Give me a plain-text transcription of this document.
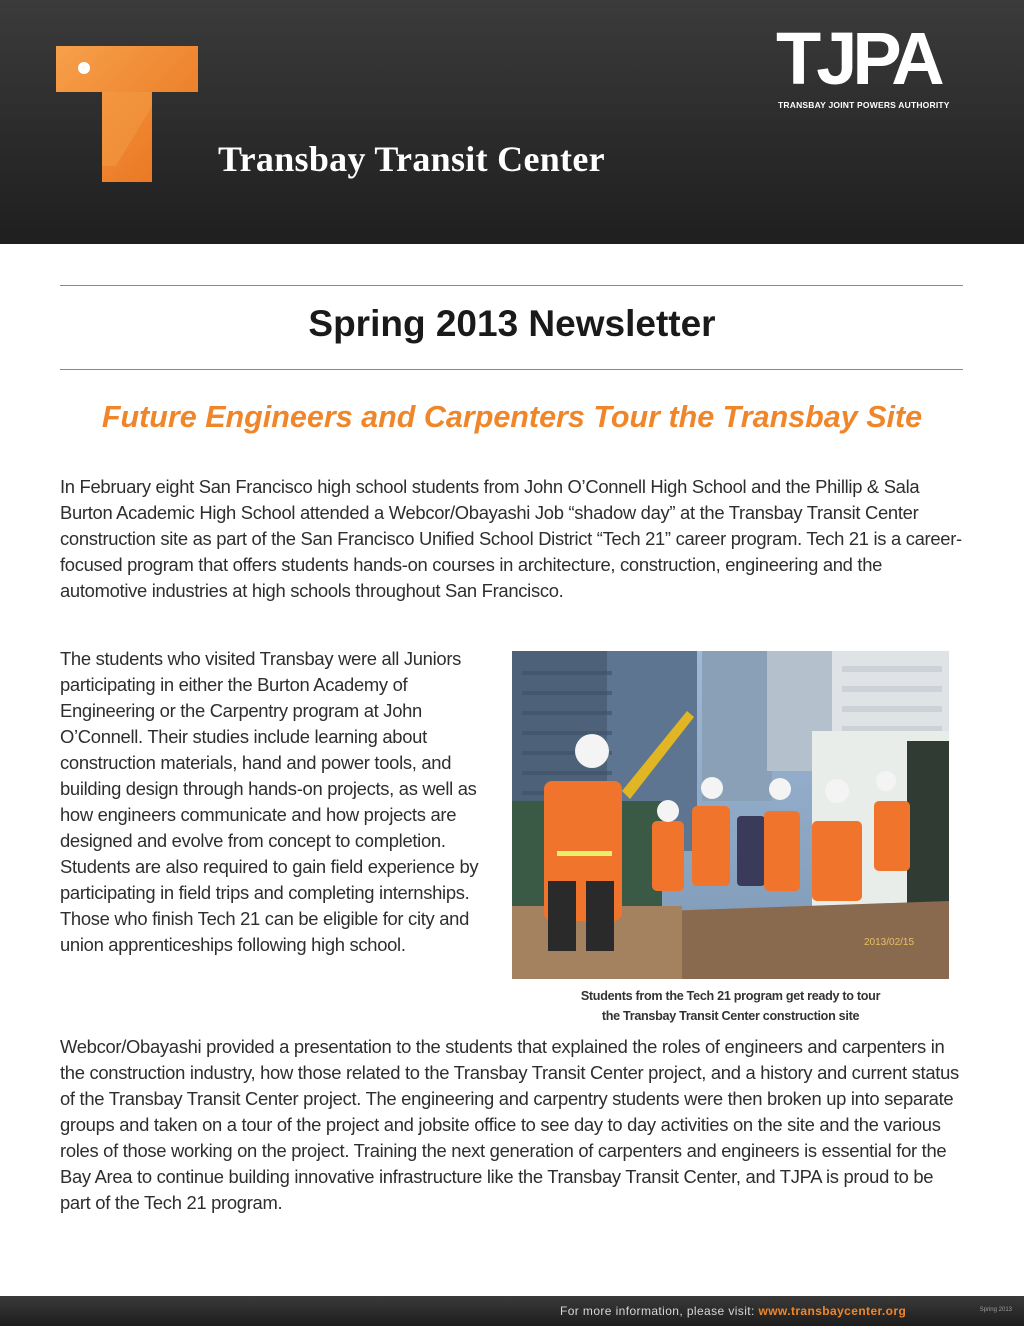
Transbay Transit Center
TJPA
TRANSBAY JOINT POWERS AUTHORITY
Spring 2013 Newsletter
Future Engineers and Carpenters Tour the Transbay Site

In February eight San Francisco high school students from John O’Connell High School and the Phillip & Sala Burton Academic High School attended a Webcor/Obayashi Job “shadow day” at the Transbay Transit Center construction site as part of the San Francisco Unified School District “Tech 21” career program. Tech 21 is a career-focused program that offers students hands-on courses in architecture, construction, engineering and the automotive industries at high schools throughout San Francisco.

The students who visited Transbay were all Juniors participating in either the Burton Academy of Engineering or the Carpentry program at John O’Connell. Their studies include learning about construction materials, hand and power tools, and building design through hands-on projects, as well as how engineers communicate and how projects are designed and evolve from concept to completion. Students are also required to gain field experience by participating in field trips and completing internships. Those who finish Tech 21 can be eligible for city and union apprenticeships following high school.	2013/02/15
Students from the Tech 21 program get ready to tour
the Transbay Transit Center construction site

Webcor/Obayashi provided a presentation to the students that explained the roles of engineers and carpenters in the construction industry, how those related to the Transbay Transit Center project, and a history and current status of the Transbay Transit Center project. The engineering and carpentry students were then broken up into separate groups and taken on a tour of the project and jobsite office to see day to day activities on the site and the various roles of those working on the project. Training the next generation of carpenters and engineers is essential for the Bay Area to continue building innovative infrastructure like the Transbay Transit Center, and TJPA is proud to be part of the Tech 21 program.

For more information, please visit: www.transbaycenter.org	Spring 2013
